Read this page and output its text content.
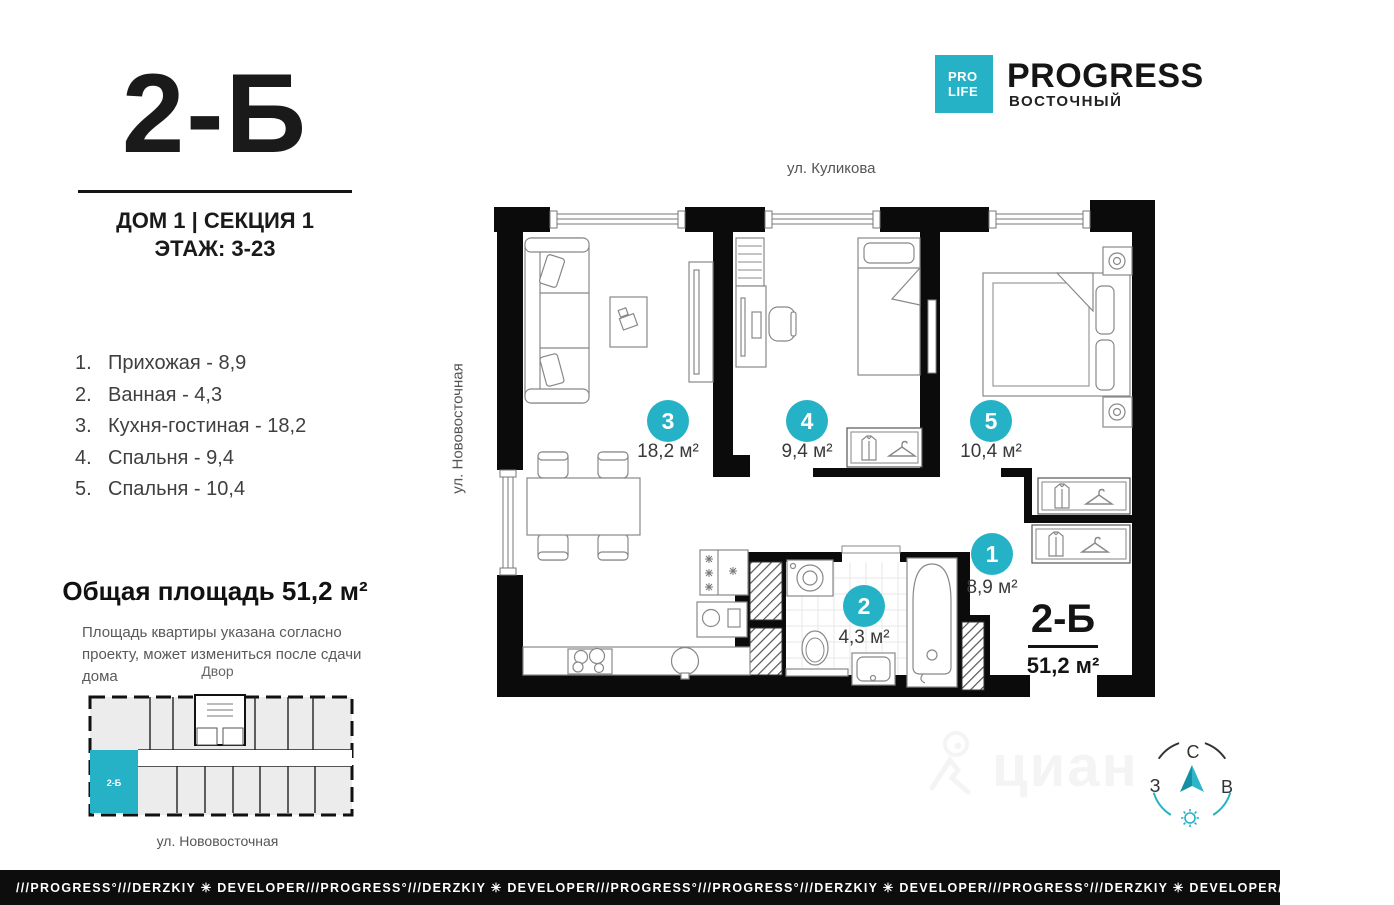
2-Б
ДОМ 1 | СЕКЦИЯ 1
ЭТАЖ: 3-23
1. Прихожая - 8,9
2. Ванная - 4,3
3. Кухня-гостиная - 18,2
4. Спальня - 9,4
5. Спальня - 10,4
Общая площадь 51,2 м²
Площадь квартиры указана согласно
проекту, может измениться после сдачи дома	Двор
2-Б
ул. Нововосточная
PRO
LIFE PROGRESS
ВОСТОЧНЫЙ
ул. Куликова
ул. Нововосточная	3	4	5
1
2
18,2 м²	9,4 м²	10,4 м²
8,9 м²
4,3 м²	2-Б
51,2 м²
циан	С
З	В
/// PROGRESS° /// DERZKIY ✳ DEVELOPER /// PROGRESS° /// DERZKIY ✳ DEVELOPER /// PROGRESS° /// PROGRESS° /// DERZKIY ✳ DEVELOPER /// PROGRESS° /// DERZKIY ✳ DEVELOPER /// PROGRESS° ///
